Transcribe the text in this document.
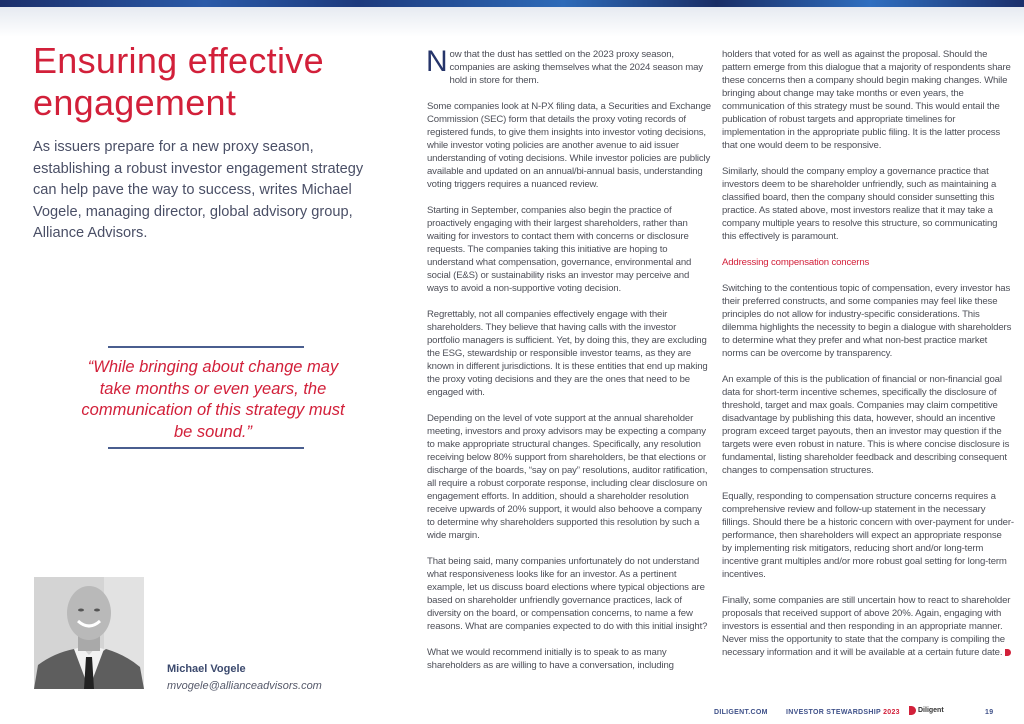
Ensuring effective
engagement

As issuers prepare for a new proxy season, establishing a robust investor engagement strategy can help pave the way to success, writes Michael Vogele, managing director, global advisory group, Alliance Advisors.

“While bringing about change may take months or even years, the communication of this strategy must be sound.”

Michael Vogele
mvogele@allianceadvisors.com

Now that the dust has settled on the 2023 proxy season, companies are asking themselves what the 2024 season may hold in store for them.

Some companies look at N-PX filing data, a Securities and Exchange Commission (SEC) form that details the proxy voting records of registered funds, to give them insights into investor voting decisions, while investor voting policies are another avenue to aid issuer understanding of voting decisions. While investor policies are publicly available and updated on an annual/bi-annual basis, understanding voting triggers requires a nuanced review.

Starting in September, companies also begin the practice of proactively engaging with their largest shareholders, rather than waiting for investors to contact them with concerns or disclosure requests. The companies taking this initiative are hoping to understand what compensation, governance, environmental and social (E&S) or sustainability risks an investor may perceive and ways to avoid a non-supportive voting decision.

Regrettably, not all companies effectively engage with their shareholders. They believe that having calls with the investor portfolio managers is sufficient. Yet, by doing this, they are excluding the ESG, stewardship or responsible investor teams, as they are known in different jurisdictions. It is these entities that end up making the proxy voting decisions and they are the ones that need to be engaged with.

Depending on the level of vote support at the annual shareholder meeting, investors and proxy advisors may be expecting a company to make appropriate structural changes. Specifically, any resolution receiving below 80% support from shareholders, be that elections or discharge of the boards, “say on pay” resolutions, auditor ratification, all require a robust corporate response, including clear disclosure on engagement efforts. In addition, should a shareholder resolution receive upwards of 20% support, it would also behoove a company to determine why shareholders supported this resolution by such a wide margin.

That being said, many companies unfortunately do not understand what responsiveness looks like for an investor. As a pertinent example, let us discuss board elections where typical objections are based on shareholder unfriendly governance practices, lack of diversity on the board, or compensation concerns, to name a few reasons. What are companies expected to do with this initial insight?

What we would recommend initially is to speak to as many shareholders as are willing to have a conversation, including

holders that voted for as well as against the proposal. Should the pattern emerge from this dialogue that a majority of respondents share these concerns then a company should begin making changes. While bringing about change may take months or even years, the communication of this strategy must be sound. This would entail the publication of robust targets and appropriate timelines for implementation in the appropriate public filing. It is the latter process that one would deem to be responsive.

Similarly, should the company employ a governance practice that investors deem to be shareholder unfriendly, such as maintaining a classified board, then the company should consider sunsetting this practice. As stated above, most investors realize that it may take a company multiple years to resolve this structure, so communicating this effectively is paramount.

Addressing compensation concerns

Switching to the contentious topic of compensation, every investor has their preferred constructs, and some companies may feel like these principles do not allow for industry-specific considerations. This dilemma highlights the necessity to begin a dialogue with shareholders to determine what they prefer and what non-best practice market norms can be overcome by transparency.

An example of this is the publication of financial or non-financial goal data for short-term incentive schemes, specifically the disclosure of threshold, target and max goals. Companies may claim competitive disadvantage by publishing this data, however, should an incentive program exceed target payouts, then an investor may question if the targets were even robust in nature. This is where concise disclosure is fundamental, listing shareholder feedback and describing consequent changes to compensation structures.

Equally, responding to compensation structure concerns requires a comprehensive review and follow-up statement in the necessary fillings. Should there be a historic concern with over-payment for under-performance, then shareholders will expect an appropriate response by implementing risk mitigators, reducing short and/or long-term incentive grant multiples and/or more robust goal setting for long-term incentives.

Finally, some companies are still uncertain how to react to shareholder proposals that received support of above 20%. Again, engaging with investors is essential and then responding in an appropriate manner. Never miss the opportunity to state that the company is compiling the necessary information and it will be available at a certain future date.

DILIGENT.COM	INVESTOR STEWARDSHIP 2023	Diligent	19
